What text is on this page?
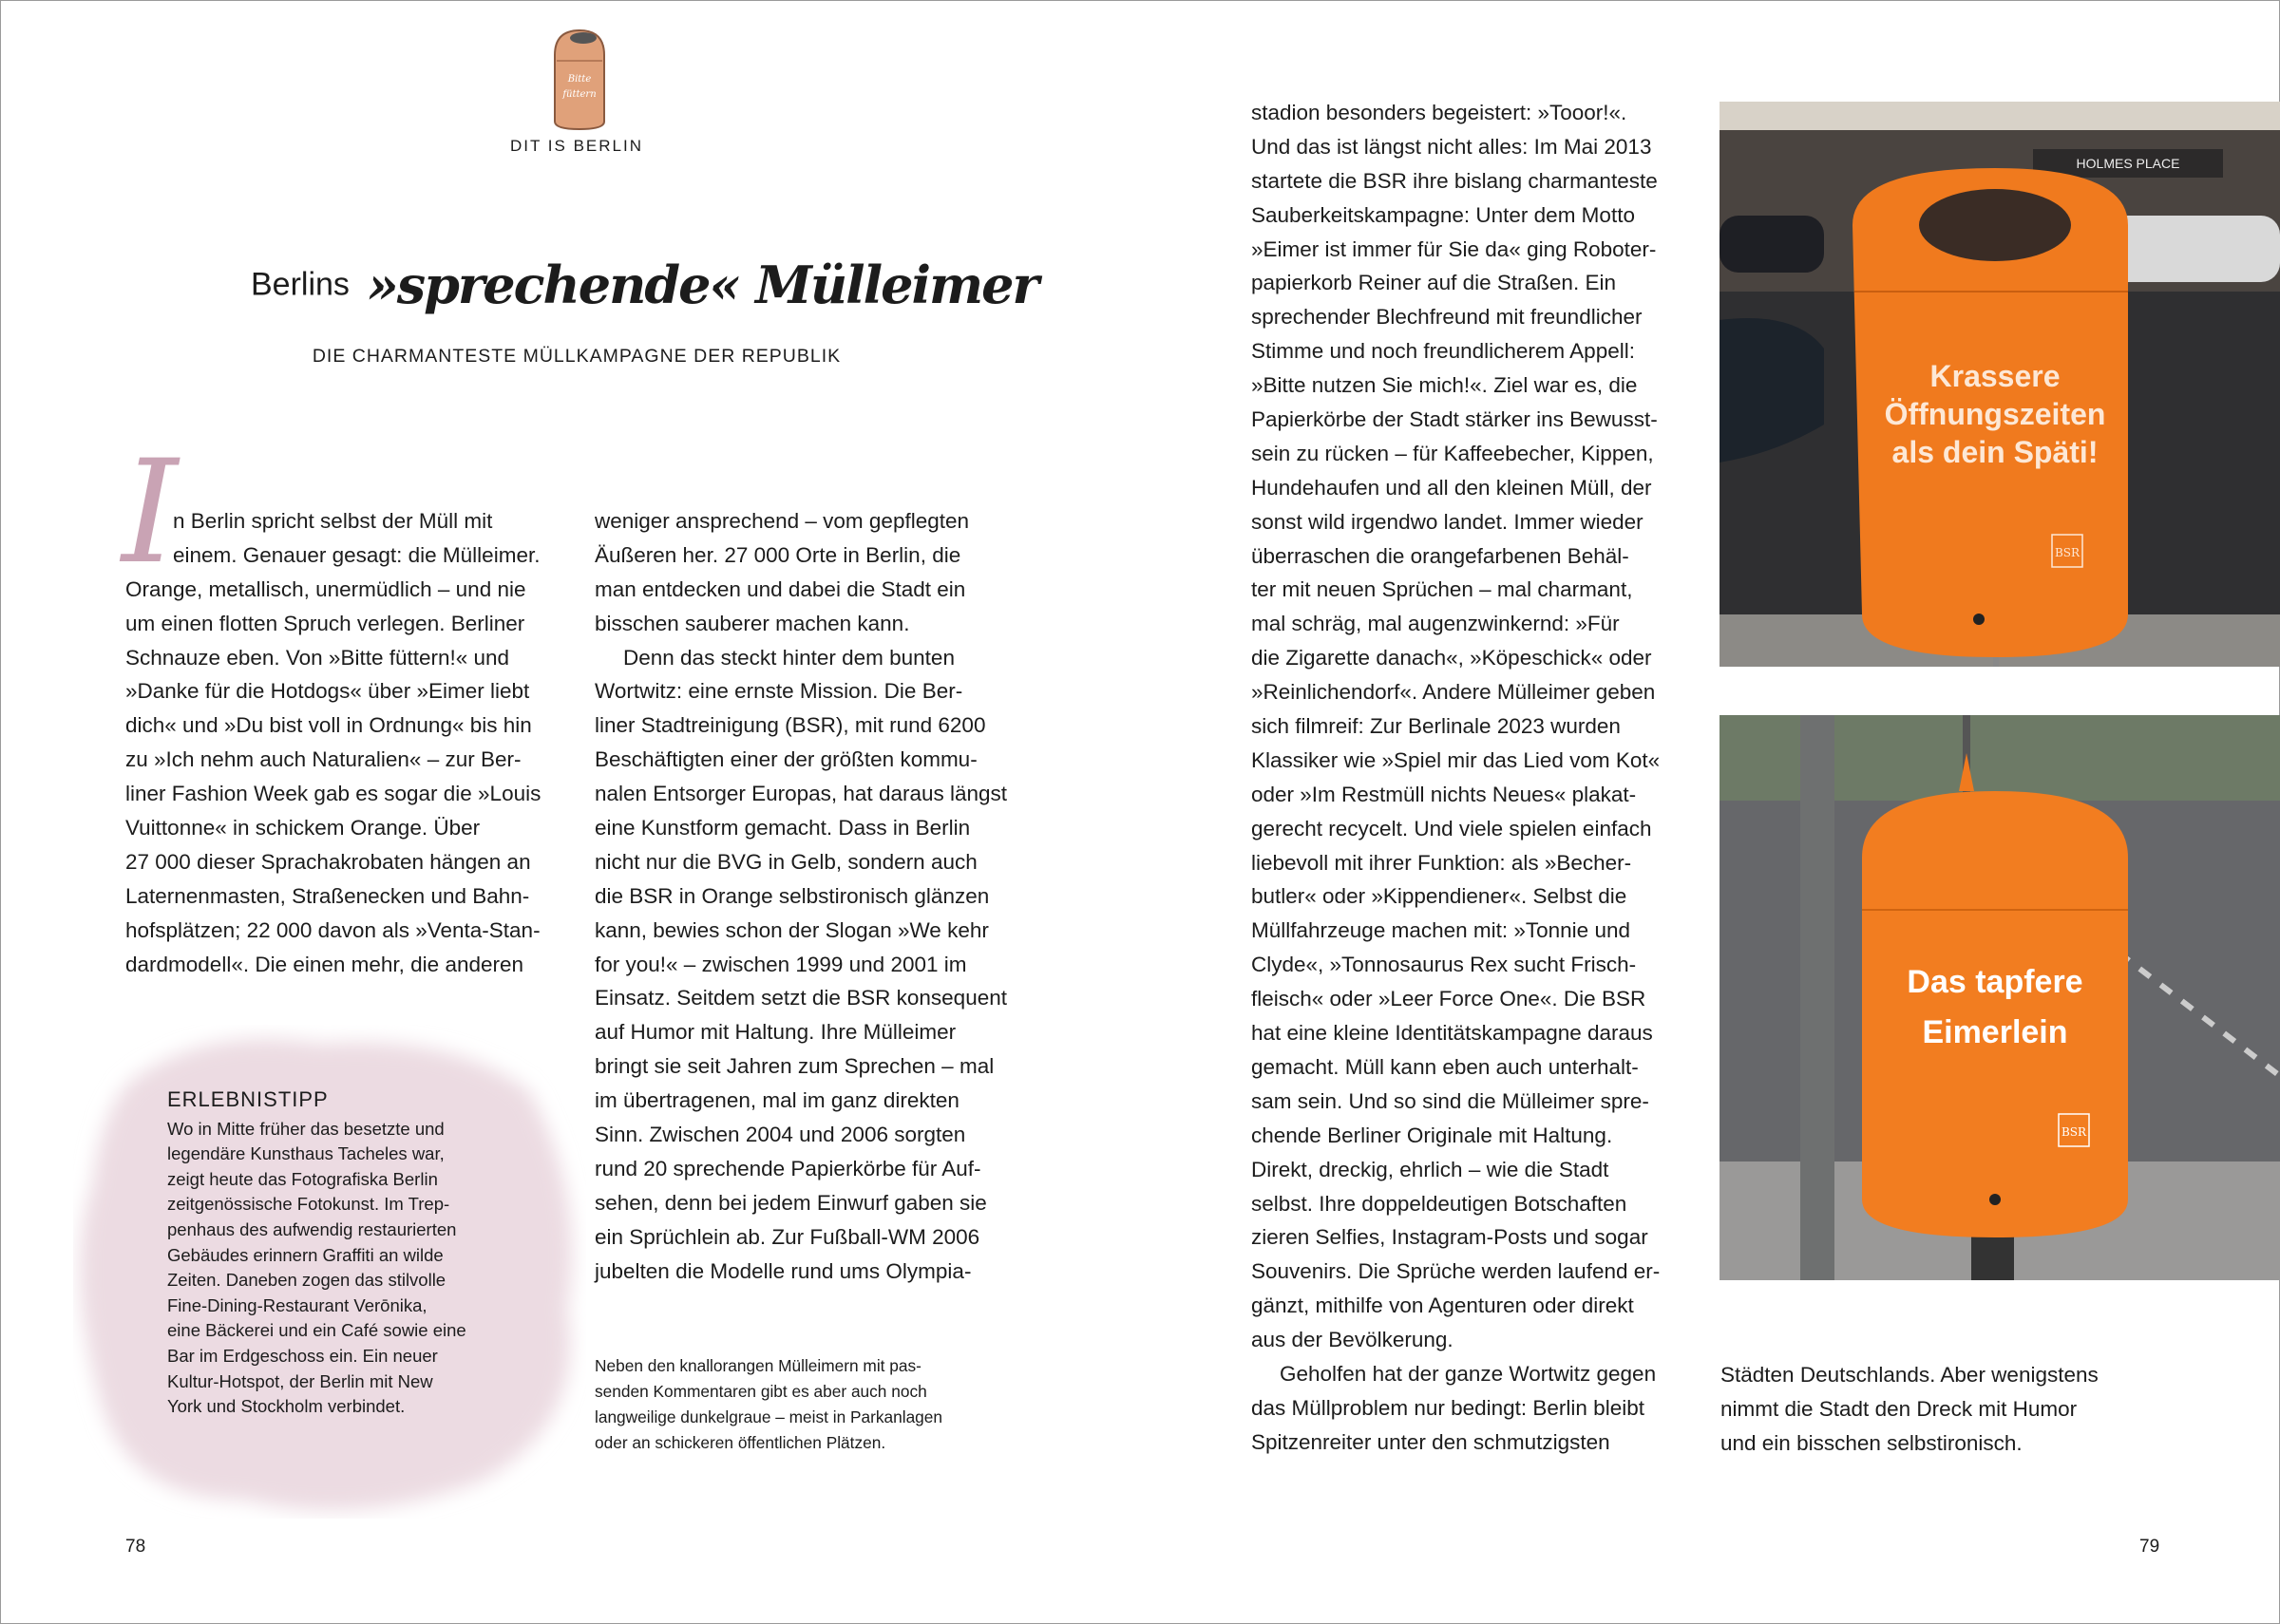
Bitte
füttern
DIT IS BERLIN
Berlins »sprechende« Mülleimer
DIE CHARMANTESTE MÜLLKAMPAGNE DER REPUBLIK
I
n Berlin spricht selbst der Müll mit
einem. Genauer gesagt: die Mülleimer.
Orange, metallisch, unermüdlich – und nie
um einen flotten Spruch verlegen. Berliner
Schnauze eben. Von »Bitte füttern!« und
»Danke für die Hotdogs« über »Eimer liebt
dich« und »Du bist voll in Ordnung« bis hin
zu »Ich nehm auch Naturalien« – zur Ber-
liner Fashion Week gab es sogar die »Louis
Vuittonne« in schickem Orange. Über
27 000 dieser Sprachakrobaten hängen an
Laternenmasten, Straßenecken und Bahn-
hofsplätzen; 22 000 davon als »Venta-Stan-
dardmodell«. Die einen mehr, die anderen
weniger ansprechend – vom gepflegten
Äußeren her. 27 000 Orte in Berlin, die
man entdecken und dabei die Stadt ein
bisschen sauberer machen kann.
Denn das steckt hinter dem bunten
Wortwitz: eine ernste Mission. Die Ber-
liner Stadtreinigung (BSR), mit rund 6200
Beschäftigten einer der größten kommu-
nalen Entsorger Europas, hat daraus längst
eine Kunstform gemacht. Dass in Berlin
nicht nur die BVG in Gelb, sondern auch
die BSR in Orange selbstironisch glänzen
kann, bewies schon der Slogan »We kehr
for you!« – zwischen 1999 und 2001 im
Einsatz. Seitdem setzt die BSR konsequent
auf Humor mit Haltung. Ihre Mülleimer
bringt sie seit Jahren zum Sprechen – mal
im übertragenen, mal im ganz direkten
Sinn. Zwischen 2004 und 2006 sorgten
rund 20 sprechende Papierkörbe für Auf-
sehen, denn bei jedem Einwurf gaben sie
ein Sprüchlein ab. Zur Fußball-WM 2006
jubelten die Modelle rund ums Olympia-
ERLEBNISTIPP
Wo in Mitte früher das besetzte und
legendäre Kunsthaus Tacheles war,
zeigt heute das Fotografiska Berlin
zeitgenössische Fotokunst. Im Trep-
penhaus des aufwendig restaurierten
Gebäudes erinnern Graffiti an wilde
Zeiten. Daneben zogen das stilvolle
Fine-Dining-Restaurant Verōnika,
eine Bäckerei und ein Café sowie eine
Bar im Erdgeschoss ein. Ein neuer
Kultur-Hotspot, der Berlin mit New
York und Stockholm verbindet.
Neben den knallorangen Mülleimern mit pas-
senden Kommentaren gibt es aber auch noch
langweilige dunkelgraue – meist in Parkanlagen
oder an schickeren öffentlichen Plätzen.
78
stadion besonders begeistert: »Tooor!«.
Und das ist längst nicht alles: Im Mai 2013
startete die BSR ihre bislang charmanteste
Sauberkeitskampagne: Unter dem Motto
»Eimer ist immer für Sie da« ging Roboter-
papierkorb Reiner auf die Straßen. Ein
sprechender Blechfreund mit freundlicher
Stimme und noch freundlicherem Appell:
»Bitte nutzen Sie mich!«. Ziel war es, die
Papierkörbe der Stadt stärker ins Bewusst-
sein zu rücken – für Kaffeebecher, Kippen,
Hundehaufen und all den kleinen Müll, der
sonst wild irgendwo landet. Immer wieder
überraschen die orangefarbenen Behäl-
ter mit neuen Sprüchen – mal charmant,
mal schräg, mal augenzwinkernd: »Für
die Zigarette danach«, »Köpeschick« oder
»Reinlichendorf«. Andere Mülleimer geben
sich filmreif: Zur Berlinale 2023 wurden
Klassiker wie »Spiel mir das Lied vom Kot«
oder »Im Restmüll nichts Neues« plakat-
gerecht recycelt. Und viele spielen einfach
liebevoll mit ihrer Funktion: als »Becher-
butler« oder »Kippendiener«. Selbst die
Müllfahrzeuge machen mit: »Tonnie und
Clyde«, »Tonnosaurus Rex sucht Frisch-
fleisch« oder »Leer Force One«. Die BSR
hat eine kleine Identitätskampagne daraus
gemacht. Müll kann eben auch unterhalt-
sam sein. Und so sind die Mülleimer spre-
chende Berliner Originale mit Haltung.
Direkt, dreckig, ehrlich – wie die Stadt
selbst. Ihre doppeldeutigen Botschaften
zieren Selfies, Instagram-Posts und sogar
Souvenirs. Die Sprüche werden laufend er-
gänzt, mithilfe von Agenturen oder direkt
aus der Bevölkerung.
Geholfen hat der ganze Wortwitz gegen
das Müllproblem nur bedingt: Berlin bleibt
Spitzenreiter unter den schmutzigsten
Städten Deutschlands. Aber wenigstens
nimmt die Stadt den Dreck mit Humor
und ein bisschen selbstironisch.
79
HOLMES PLACE
Krassere
Öffnungszeiten
als dein Späti!
BSR
Das tapfere
Eimerlein
BSR
